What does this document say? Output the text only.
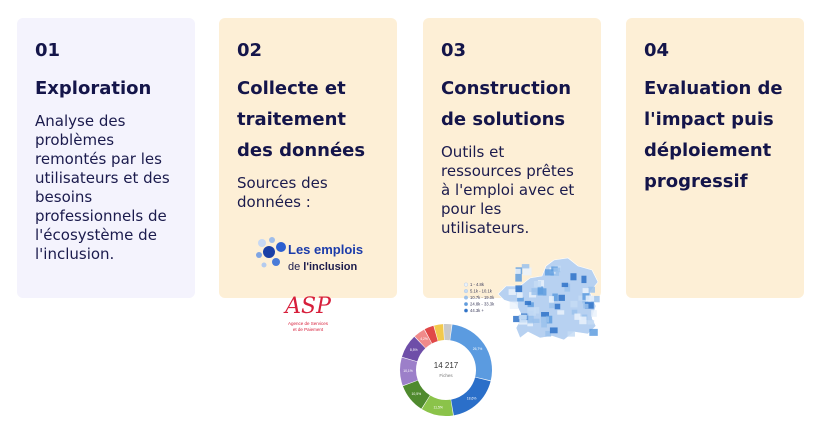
01
Exploration
Analyse des
problèmes
remontés par les
utilisateurs et des
besoins
professionnels de
l'écosystème de
l'inclusion.
02
Collecte et
traitement
des données
Sources des
données :
03
Construction
de solutions
Outils et
ressources prêtes
à l'emploi avec et
pour les
utilisateurs.
04
Evaluation de
l'impact puis
déploiement
progressif
Les emplois
de l'inclusion
ASP
Agence de Services
et de Paiement
1 - 4.8k
5.1k - 10.1k
10.7k - 19.0k
24.8k - 33.3k
44.3k +
26,7%
18,6%
11,5%
10,5%
10,1%
8,5%
4,2%
14 217
Fiches
